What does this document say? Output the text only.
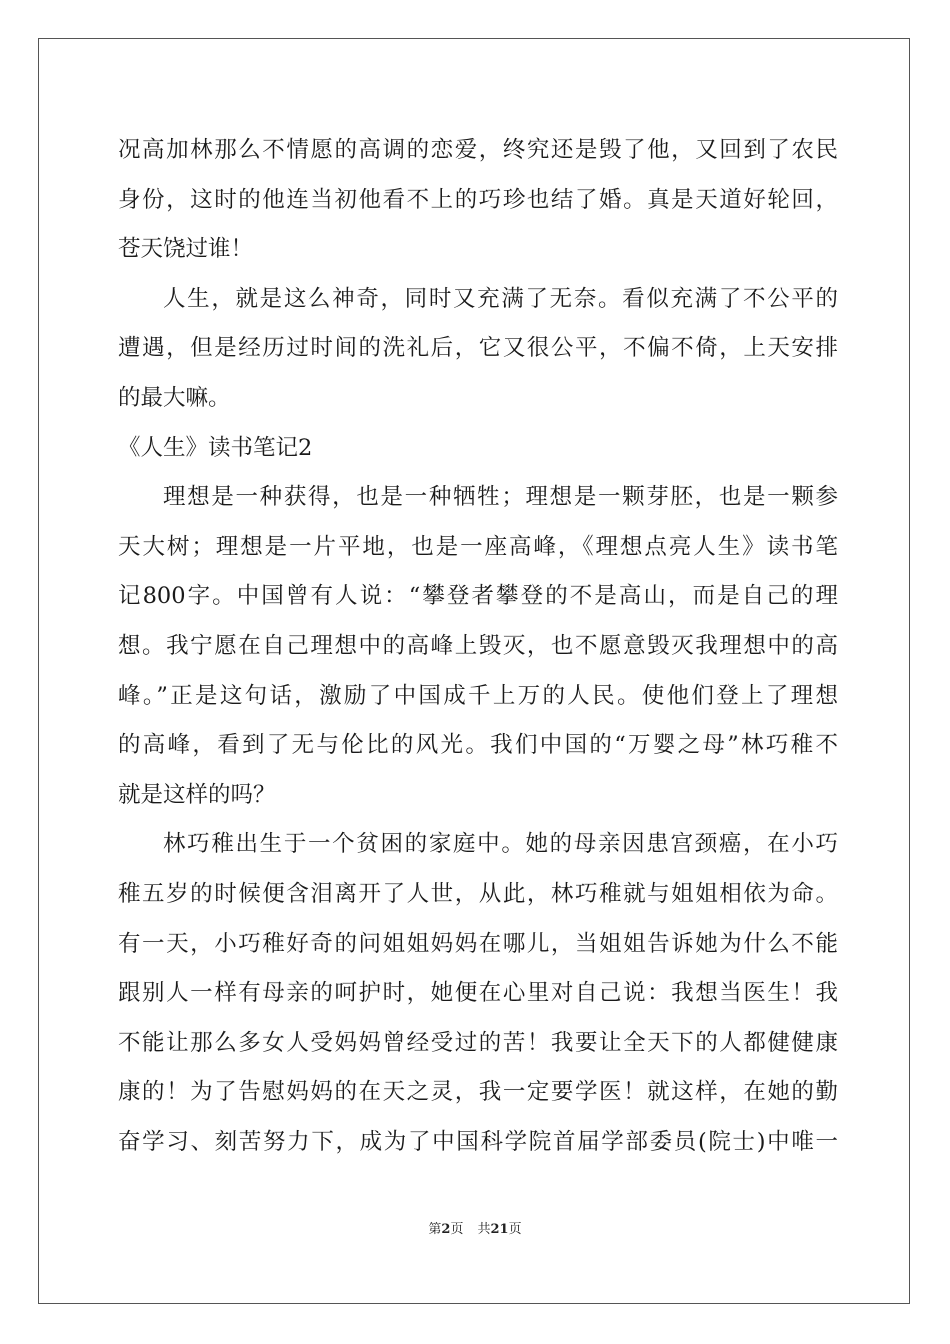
况高加林那么不情愿的高调的恋爱，终究还是毁了他，又回到了农民
身份，这时的他连当初他看不上的巧珍也结了婚。真是天道好轮回，
苍天饶过谁！
人生，就是这么神奇，同时又充满了无奈。看似充满了不公平的
遭遇，但是经历过时间的洗礼后，它又很公平，不偏不倚，上天安排
的最大嘛。
《人生》读书笔记2
理想是一种获得，也是一种牺牲；理想是一颗芽胚，也是一颗参
天大树；理想是一片平地，也是一座高峰，《理想点亮人生》读书笔
记800字。中国曾有人说：“攀登者攀登的不是高山，而是自己的理
想。我宁愿在自己理想中的高峰上毁灭，也不愿意毁灭我理想中的高
峰。”正是这句话，激励了中国成千上万的人民。使他们登上了理想
的高峰，看到了无与伦比的风光。我们中国的“万婴之母”林巧稚不
就是这样的吗？
林巧稚出生于一个贫困的家庭中。她的母亲因患宫颈癌，在小巧
稚五岁的时候便含泪离开了人世，从此，林巧稚就与姐姐相依为命。
有一天，小巧稚好奇的问姐姐妈妈在哪儿，当姐姐告诉她为什么不能
跟别人一样有母亲的呵护时，她便在心里对自己说：我想当医生！我
不能让那么多女人受妈妈曾经受过的苦！我要让全天下的人都健健康
康的！为了告慰妈妈的在天之灵，我一定要学医！就这样，在她的勤
奋学习、刻苦努力下，成为了中国科学院首届学部委员(院士)中唯一
第2页 共21页
